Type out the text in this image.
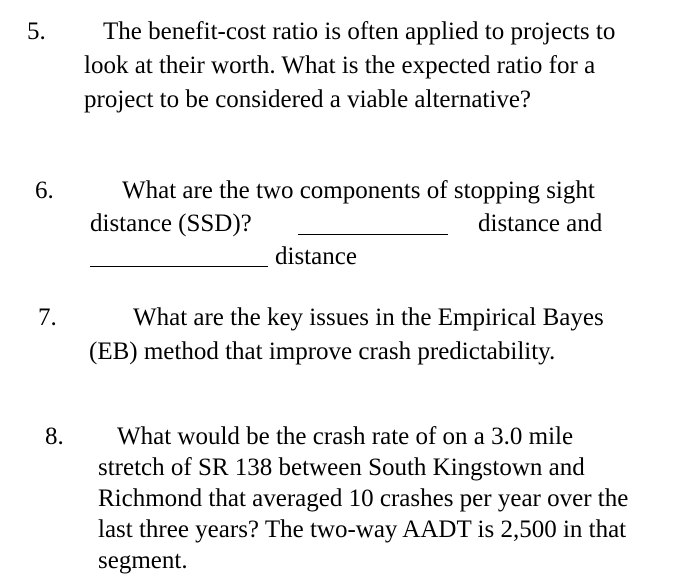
5. The benefit-cost ratio is often applied to projects to
look at their worth. What is the expected ratio for a
project to be considered a viable alternative?
6.	What are the two components of stopping sight
distance (SSD)?	distance and
distance
7.	What are the key issues in the Empirical Bayes
(EB) method that improve crash predictability.
8. What would be the crash rate of on a 3.0 mile
stretch of SR 138 between South Kingstown and
Richmond that averaged 10 crashes per year over the
last three years? The two-way AADT is 2,500 in that
segment.
